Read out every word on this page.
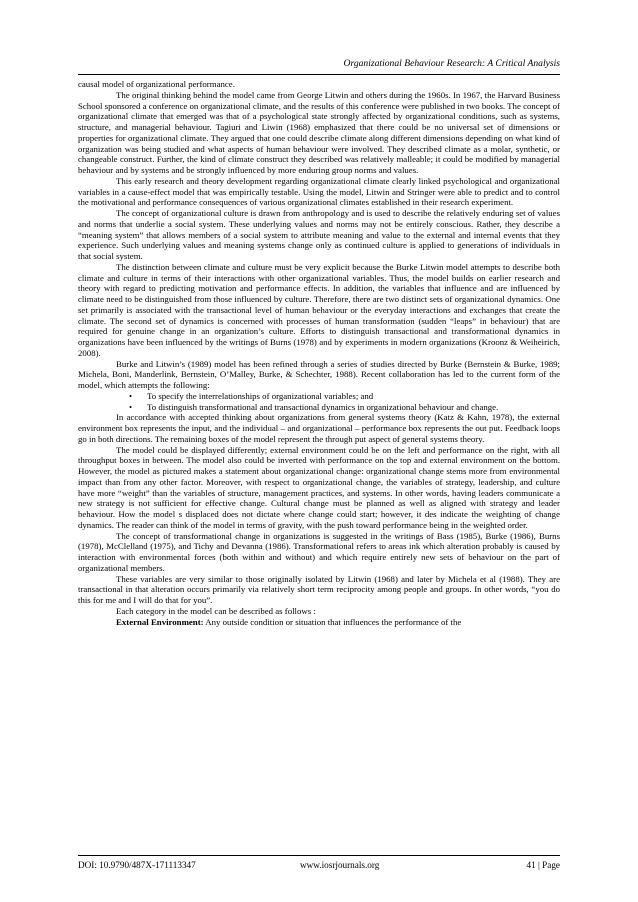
Organizational Behaviour Research: A Critical Analysis

causal model of organizational performance.

The original thinking behind the model came from George Litwin and others during the 1960s. In 1967, the Harvard Business School sponsored a conference on organizational climate, and the results of this conference were published in two books. The concept of organizational climate that emerged was that of a psychological state strongly affected by organizational conditions, such as systems, structure, and managerial behaviour. Tagiuri and Liwin (1968) emphasized that there could be no universal set of dimensions or properties for organizational climate. They argued that one could describe climate along different dimensions depending on what kind of organization was being studied and what aspects of human behaviour were involved. They described climate as a molar, synthetic, or changeable construct. Further, the kind of climate construct they described was relatively malleable; it could be modified by managerial behaviour and by systems and be strongly influenced by more enduring group norms and values.

This early research and theory development regarding organizational climate clearly linked psychological and organizational variables in a cause-effect model that was empirically testable. Using the model, Litwin and Stringer were able to predict and to control the motivational and performance consequences of various organizational climates established in their research experiment.

The concept of organizational culture is drawn from anthropology and is used to describe the relatively enduring set of values and norms that underlie a social system. These underlying values and norms may not be entirely conscious. Rather, they describe a “meaning system” that allows members of a social system to attribute meaning and value to the external and internal events that they experience. Such underlying values and meaning systems change only as continued culture is applied to generations of individuals in that social system.

The distinction between climate and culture must be very explicit because the Burke Litwin model attempts to describe both climate and culture in terms of their interactions with other organizational variables. Thus, the model builds on earlier research and theory with regard to predicting motivation and performance effects. In addition, the variables that influence and are influenced by climate need to be distinguished from those influenced by culture. Therefore, there are two distinct sets of organizational dynamics. One set primarily is associated with the transactional level of human behaviour or the everyday interactions and exchanges that create the climate. The second set of dynamics is concerned with processes of human transformation (sudden “leaps” in behaviour) that are required for genuine change in an organization’s culture. Efforts to distinguish transactional and transformational dynamics in organizations have been influenced by the writings of Burns (1978) and by experiments in modern organizations (Kroonz & Weiheirich, 2008).

Burke and Litwin’s (1989) model has been refined through a series of studies directed by Burke (Bernstein & Burke, 1989; Michela, Boni, Manderlink, Bernstein, O’Malley, Burke, & Schechter, 1988). Recent collaboration has led to the current form of the model, which attempts the following:

• To specify the interrelationships of organizational variables; and
• To distinguish transformational and transactional dynamics in organizational behaviour and change.

In accordance with accepted thinking about organizations from general systems theory (Katz & Kahn, 1978), the external environment box represents the input, and the individual – and organizational – performance box represents the out put. Feedback loops go in both directions. The remaining boxes of the model represent the through put aspect of general systems theory.

The model could be displayed differently; external environment could be on the left and performance on the right, with all throughput boxes in between. The model also could be inverted with performance on the top and external environment on the bottom. However, the model as pictured makes a statement about organizational change: organizational change stems more from environmental impact than from any other factor. Moreover, with respect to organizational change, the variables of strategy, leadership, and culture have more “weight” than the variables of structure, management practices, and systems. In other words, having leaders communicate a new strategy is not sufficient for effective change. Cultural change must be planned as well as aligned with strategy and leader behaviour. How the model s displaced does not dictate where change could start; however, it des indicate the weighting of change dynamics. The reader can think of the model in terms of gravity, with the push toward performance being in the weighted order.

The concept of transformational change in organizations is suggested in the writings of Bass (1985), Burke (1986), Burns (1978), McClelland (1975), and Tichy and Devanna (1986). Transformational refers to areas ink which alteration probably is caused by interaction with environmental forces (both within and without) and which require entirely new sets of behaviour on the part of organizational members.

These variables are very similar to those originally isolated by Litwin (1968) and later by Michela et al (1988). They are transactional in that alteration occurs primarily via relatively short term reciprocity among people and groups. In other words, “you do this for me and I will do that for you”.

Each category in the model can be described as follows :

External Environment: Any outside condition or situation that influences the performance of the

DOI: 10.9790/487X-171113347	www.iosrjournals.org	41 | Page
